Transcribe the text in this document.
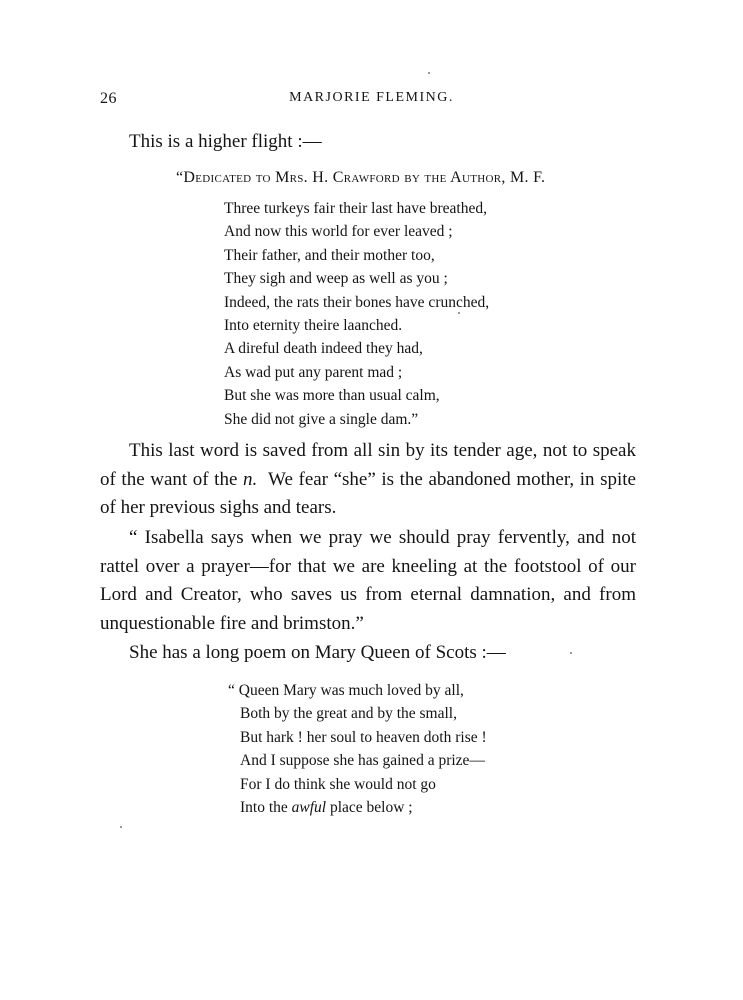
26	MARJORIE FLEMING.
This is a higher flight :—
“Dedicated to Mrs. H. Crawford by the Author, M. F.
Three turkeys fair their last have breathed,
And now this world for ever leaved ;
Their father, and their mother too,
They sigh and weep as well as you ;
Indeed, the rats their bones have crunched,
Into eternity theire laanched.
A direful death indeed they had,
As wad put any parent mad ;
But she was more than usual calm,
She did not give a single dam.”

This last word is saved from all sin by its tender age, not to speak of the want of the n.  We fear “she” is the abandoned mother, in spite of her previous sighs and tears.

“ Isabella says when we pray we should pray fervently, and not rattel over a prayer—for that we are kneeling at the footstool of our Lord and Creator, who saves us from eternal damnation, and from unquestionable fire and brimston.”

She has a long poem on Mary Queen of Scots :—

“ Queen Mary was much loved by all,
Both by the great and by the small,
But hark ! her soul to heaven doth rise !
And I suppose she has gained a prize—
For I do think she would not go
Into the awful place below ;
